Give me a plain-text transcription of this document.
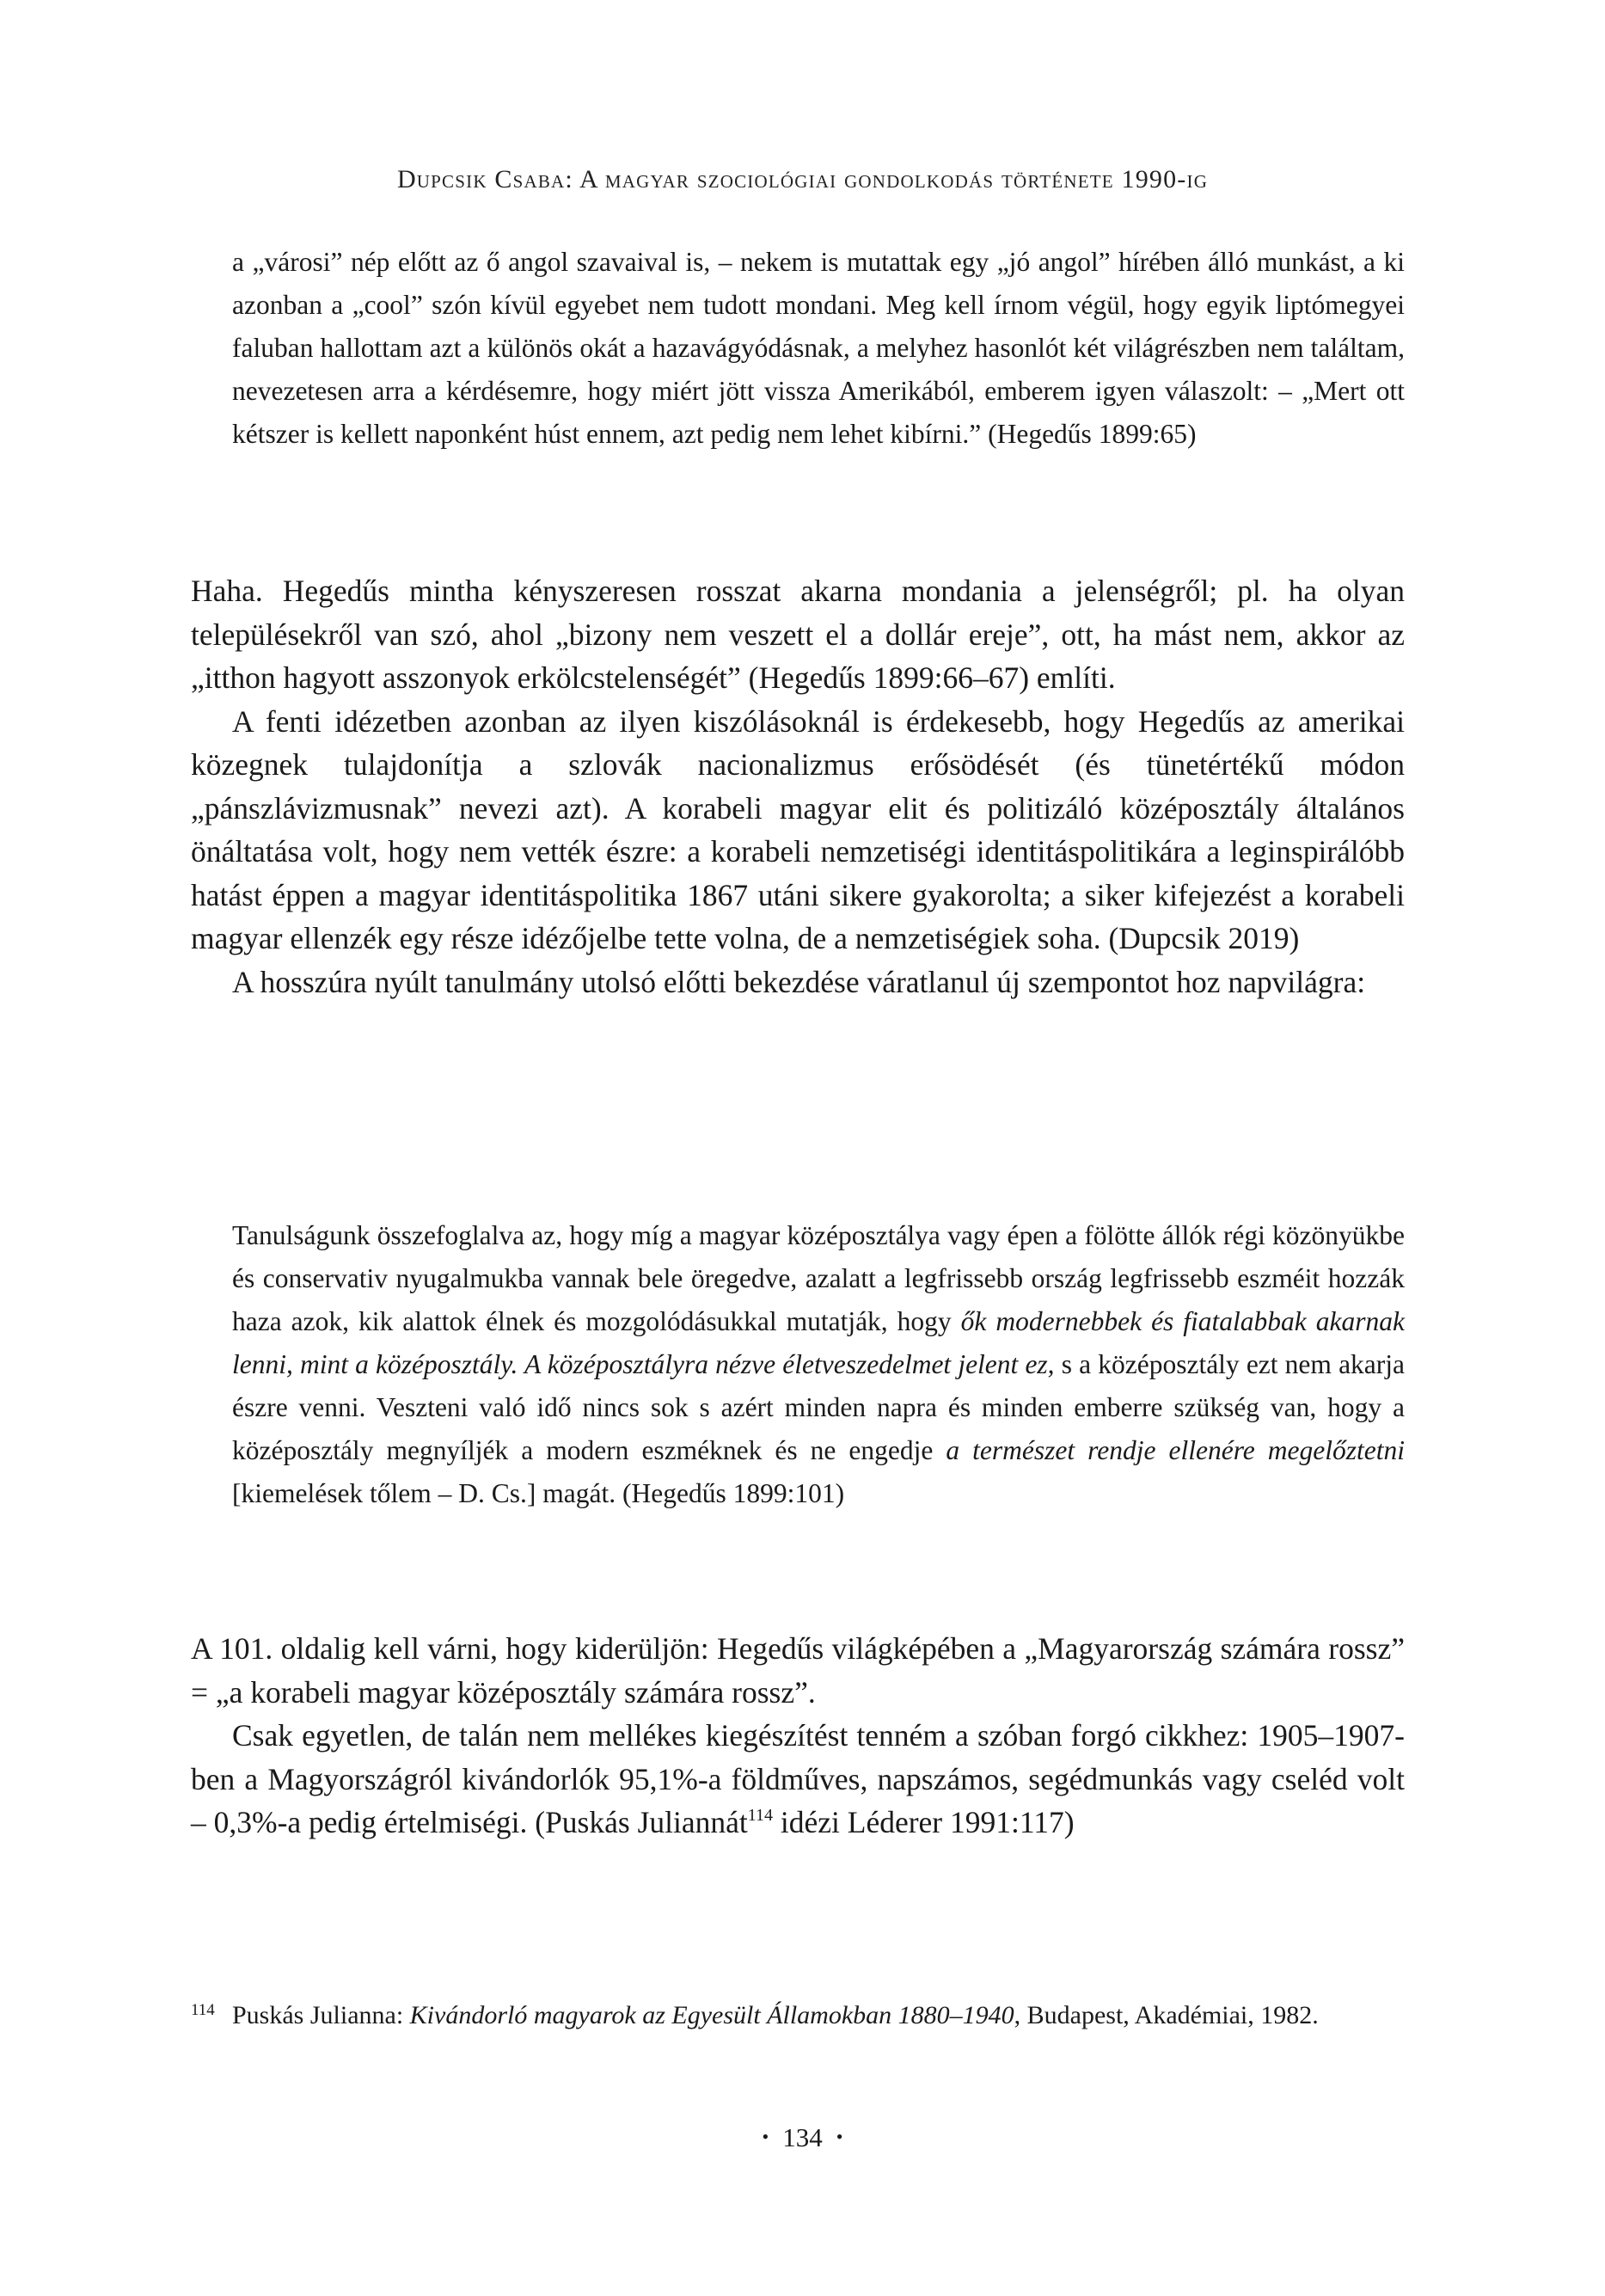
Dupcsik Csaba: A magyar szociológiai gondolkodás története 1990-ig

a „városi” nép előtt az ő angol szavaival is, – nekem is mutattak egy „jó angol” hírében álló munkást, a ki azonban a „cool” szón kívül egyebet nem tudott mondani. Meg kell írnom végül, hogy egyik liptómegyei faluban hallottam azt a különös okát a hazavágyódásnak, a melyhez hasonlót két világrészben nem találtam, nevezetesen arra a kérdésemre, hogy miért jött vissza Amerikából, emberem igyen válaszolt: – „Mert ott kétszer is kellett naponként húst ennem, azt pedig nem lehet kibírni.” (Hegedűs 1899:65)

Haha. Hegedűs mintha kényszeresen rosszat akarna mondania a jelenségről; pl. ha olyan településekről van szó, ahol „bizony nem veszett el a dollár ereje”, ott, ha mást nem, akkor az „itthon hagyott asszonyok erkölcstelenségét” (Hegedűs 1899:66–67) említi.

A fenti idézetben azonban az ilyen kiszólásoknál is érdekesebb, hogy Hegedűs az amerikai közegnek tulajdonítja a szlovák nacionalizmus erősödését (és tünetértékű módon „pánszlávizmusnak” nevezi azt). A korabeli magyar elit és politizáló középosztály általános önáltatása volt, hogy nem vették észre: a korabeli nemzetiségi identitáspolitikára a leginspirálóbb hatást éppen a magyar identitáspolitika 1867 utáni sikere gyakorolta; a siker kifejezést a korabeli magyar ellenzék egy része idézőjelbe tette volna, de a nemzetiségiek soha. (Dupcsik 2019)

A hosszúra nyúlt tanulmány utolsó előtti bekezdése váratlanul új szempontot hoz napvilágra:

Tanulságunk összefoglalva az, hogy míg a magyar középosztálya vagy épen a fölötte állók régi közönyükbe és conservativ nyugalmukba vannak bele öregedve, azalatt a legfrissebb ország legfrissebb eszméit hozzák haza azok, kik alattok élnek és mozgolódásukkal mutatják, hogy ők modernebbek és fiatalabbak akarnak lenni, mint a középosztály. A középosztályra nézve életveszedelmet jelent ez, s a középosztály ezt nem akarja észre venni. Veszteni való idő nincs sok s azért minden napra és minden emberre szükség van, hogy a középosztály megnyíljék a modern eszméknek és ne engedje a természet rendje ellenére megelőztetni [kiemelések tőlem – D. Cs.] magát. (Hegedűs 1899:101)

A 101. oldalig kell várni, hogy kiderüljön: Hegedűs világképében a „Magyarország számára rossz” = „a korabeli magyar középosztály számára rossz”.

Csak egyetlen, de talán nem mellékes kiegészítést tenném a szóban forgó cikkhez: 1905–1907-ben a Magyországról kivándorlók 95,1%-a földműves, napszámos, segédmunkás vagy cseléd volt – 0,3%-a pedig értelmiségi. (Puskás Juliannát$^{114}$ idézi Léderer 1991:117)

114 Puskás Julianna: Kivándorló magyarok az Egyesült Államokban 1880–1940, Budapest, Akadémiai, 1982.
• 134 •
